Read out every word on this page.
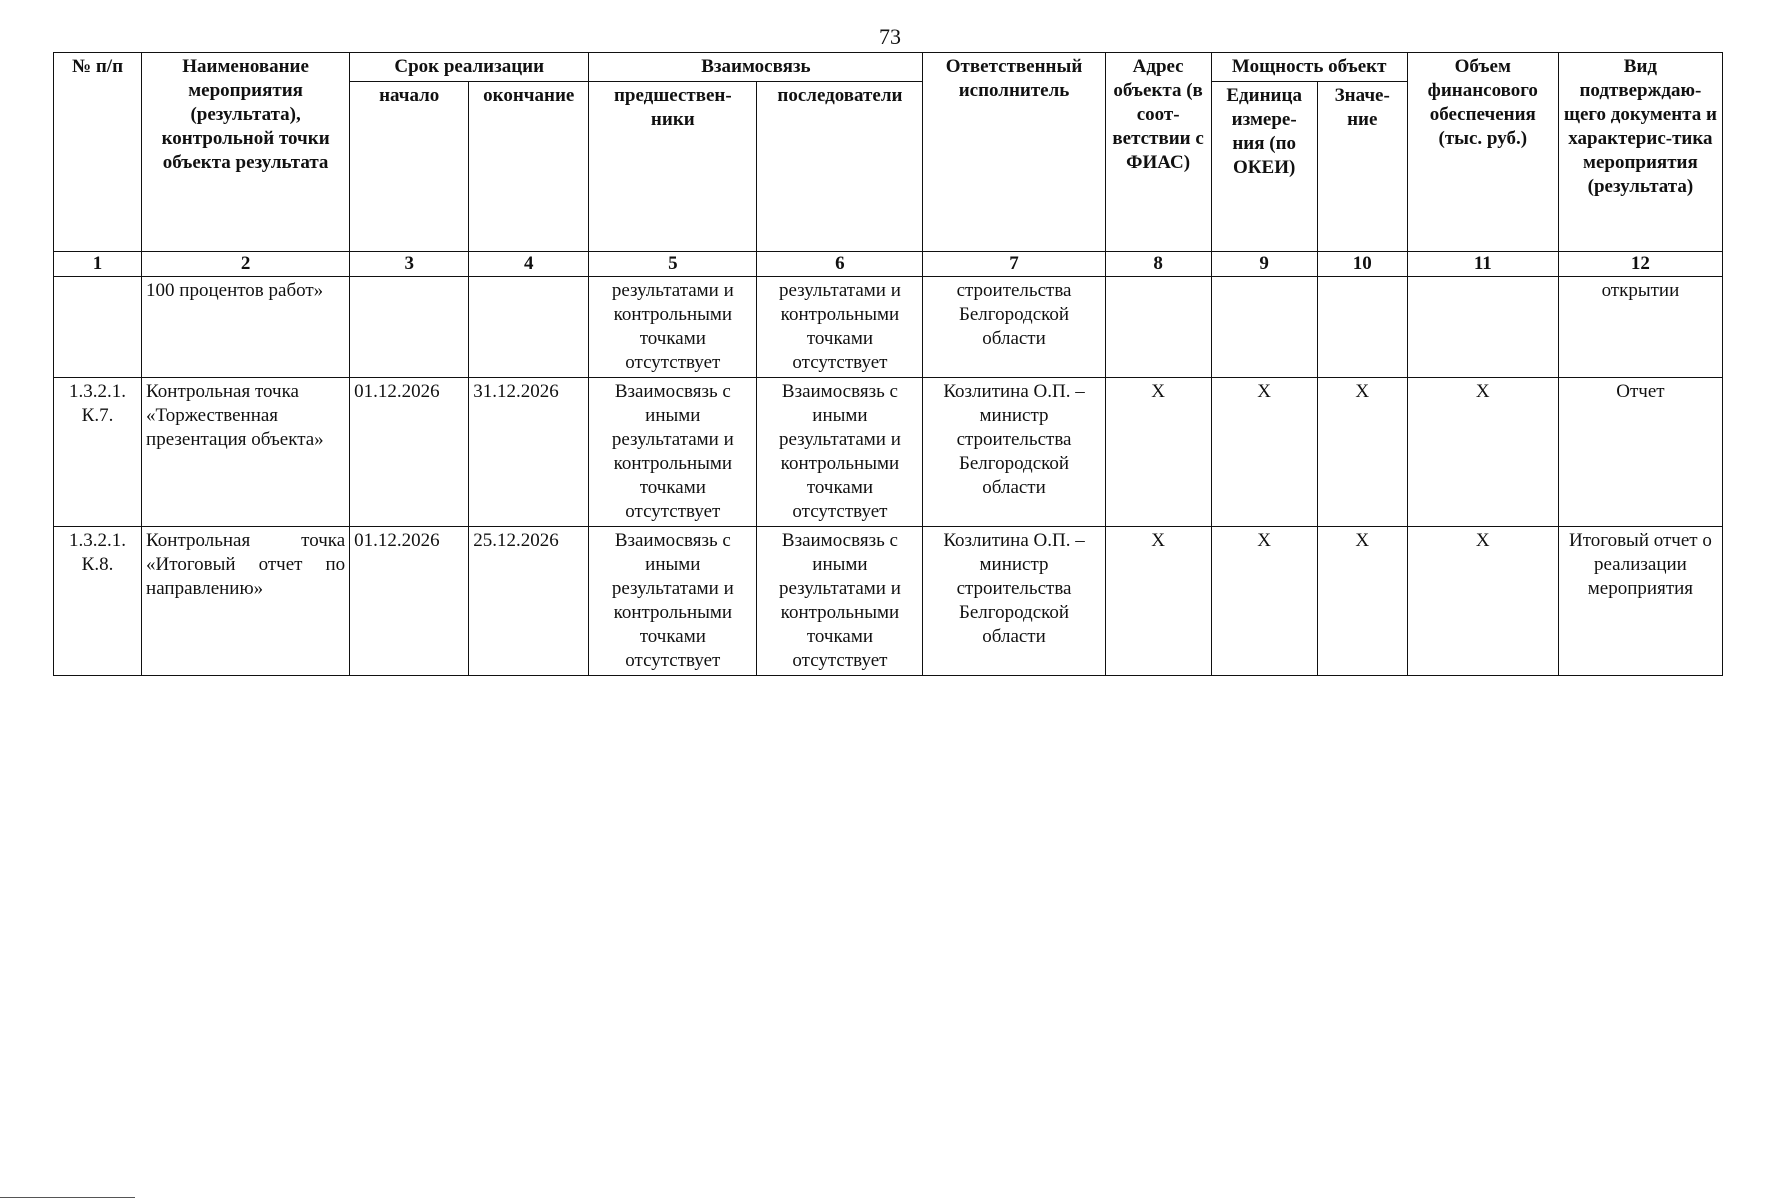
73
№ п/п	Наименование мероприятия (результата), контрольной точки объекта результата	Срок реализации		Взаимосвязь		Ответственный исполнитель	Адрес объекта (в соот-ветствии с ФИАС)	Мощность объект		Объем финансового обеспечения (тыс. руб.)	Вид подтверждаю-щего документа и характерис-тика мероприятия (результата)
		начало	окончание	предшествен-ники	последователи			Единица измере-ния (по ОКЕИ)	Значе-ние		
1	2	3	4	5	6	7	8	9	10	11	12
	100 процентов работ»			результатами и контрольными точками отсутствует	результатами и контрольными точками отсутствует	строительства Белгородской области					открытии
1.3.2.1. К.7.	Контрольная точка «Торжественная презентация объекта»	01.12.2026	31.12.2026	Взаимосвязь с иными результатами и контрольными точками отсутствует	Взаимосвязь с иными результатами и контрольными точками отсутствует	Козлитина О.П. – министр строительства Белгородской области	X	X	X	X	Отчет
1.3.2.1. К.8.	Контрольная точка «Итоговый отчет по направлению»	01.12.2026	25.12.2026	Взаимосвязь с иными результатами и контрольными точками отсутствует	Взаимосвязь с иными результатами и контрольными точками отсутствует	Козлитина О.П. – министр строительства Белгородской области	X	X	X	X	Итоговый отчет о реализации мероприятия
